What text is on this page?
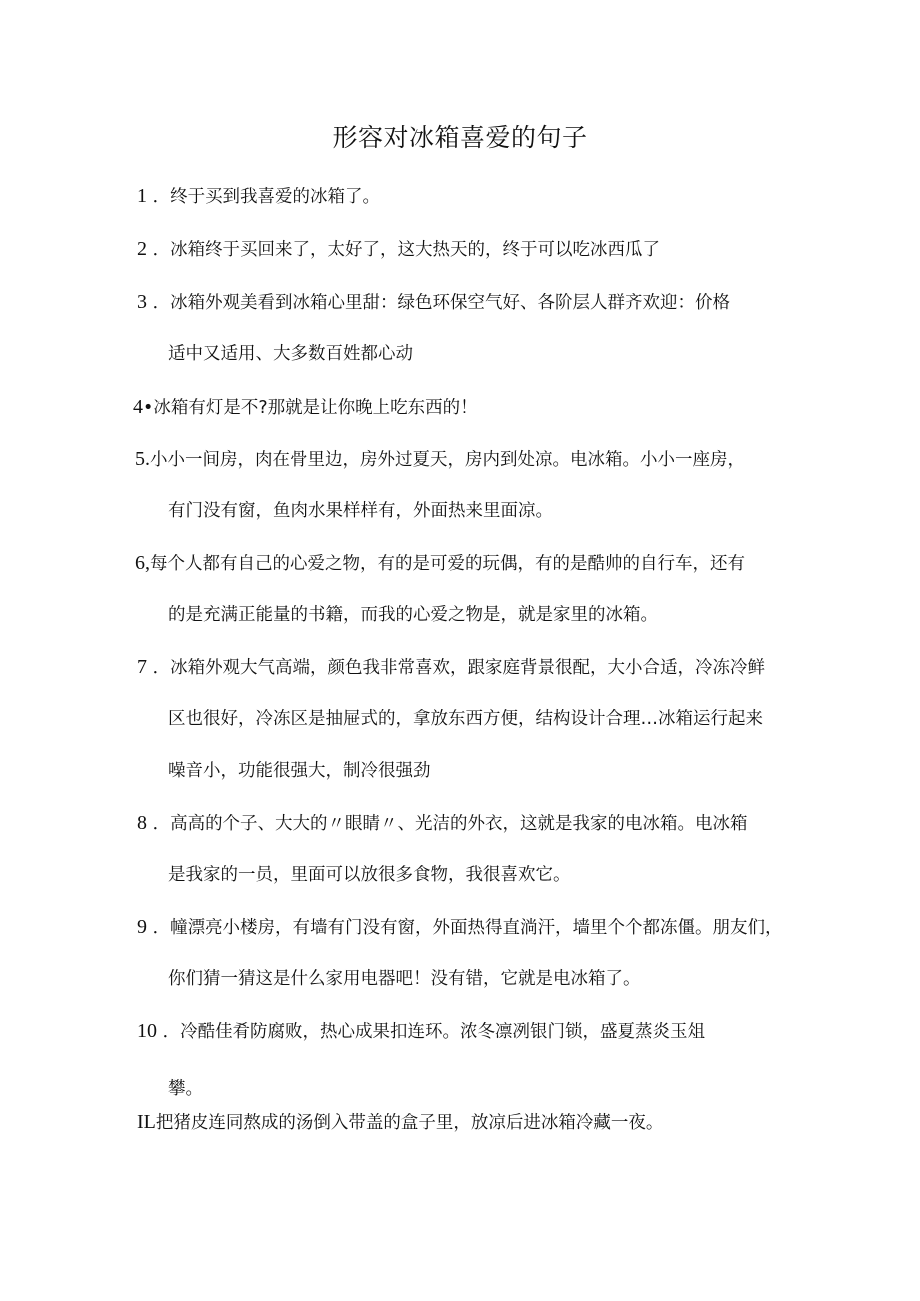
形容对冰箱喜爱的句子
1 ．终于买到我喜爱的冰箱了。
2 ．冰箱终于买回来了，太好了，这大热天的，终于可以吃冰西瓜了
3 ．冰箱外观美看到冰箱心里甜：绿色环保空气好、各阶层人群齐欢迎：价格
适中又适用、大多数百姓都心动
4•冰箱有灯是不?那就是让你晚上吃东西的！
5.小小一间房，肉在骨里边，房外过夏天，房内到处凉。电冰箱。小小一座房，
有门没有窗，鱼肉水果样样有，外面热来里面凉。
6,每个人都有自己的心爱之物，有的是可爱的玩偶，有的是酷帅的自行车，还有
的是充满正能量的书籍，而我的心爱之物是，就是家里的冰箱。
7 ．冰箱外观大气高端，颜色我非常喜欢，跟家庭背景很配，大小合适，冷冻冷鲜
区也很好，冷冻区是抽屉式的，拿放东西方便，结构设计合理…冰箱运行起来
噪音小，功能很强大，制冷很强劲
8 ．高高的个子、大大的〃眼睛〃、光洁的外衣，这就是我家的电冰箱。电冰箱
是我家的一员，里面可以放很多食物，我很喜欢它。
9 ．幢漂亮小楼房，有墙有门没有窗，外面热得直淌汗，墙里个个都冻僵。朋友们，
你们猜一猜这是什么家用电器吧！没有错，它就是电冰箱了。
10 ．冷酷佳肴防腐败，热心成果扣连环。浓冬凛冽银门锁，盛夏蒸炎玉俎
攀。
IL把猪皮连同熬成的汤倒入带盖的盒子里，放凉后进冰箱冷藏一夜。
